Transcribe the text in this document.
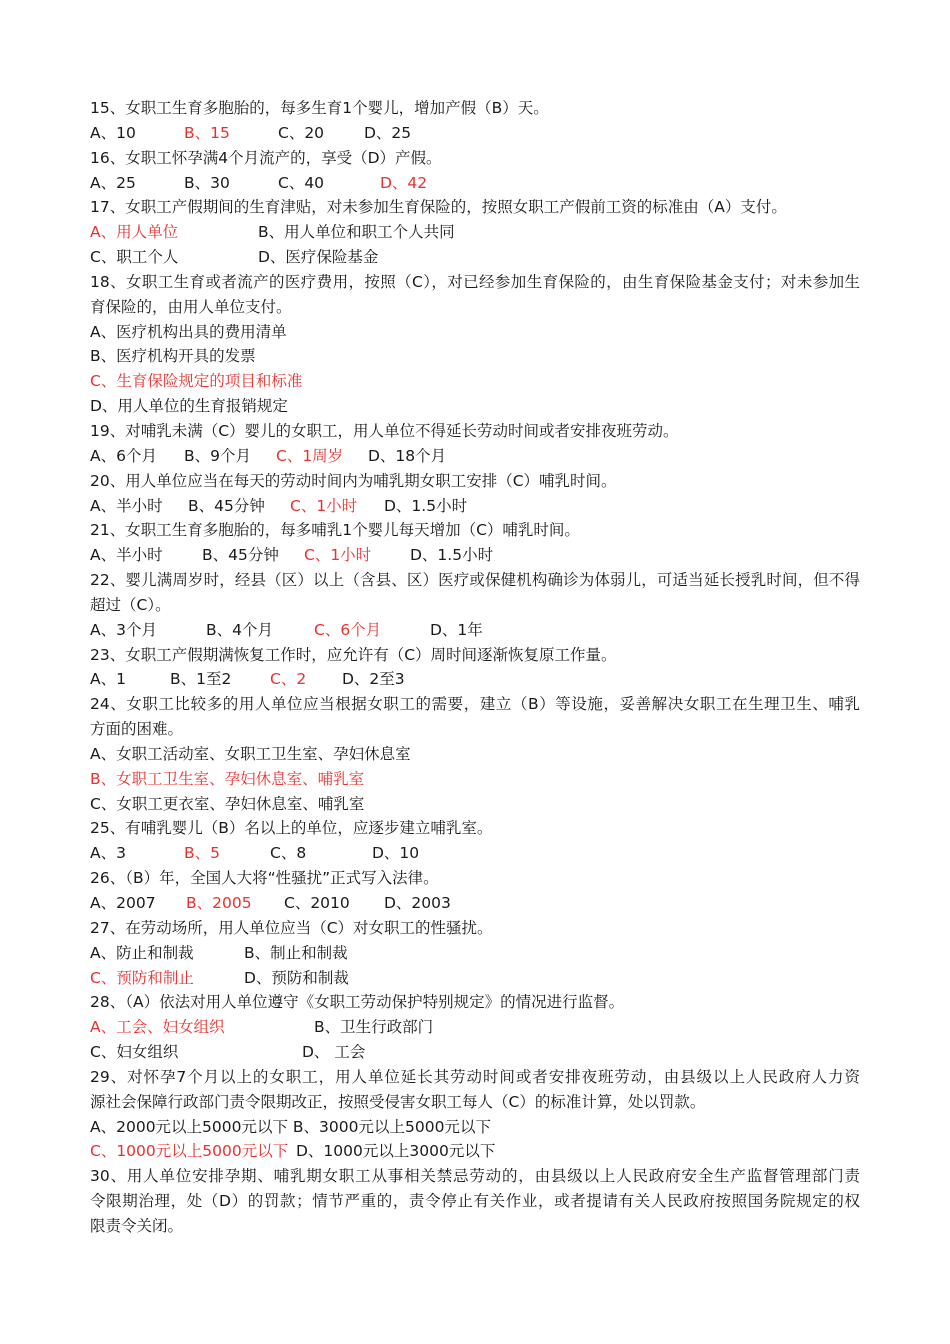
15、女职工生育多胞胎的，每多生育1个婴儿，增加产假（B）天。
A、10	B、15	C、20	D、25
16、女职工怀孕满4个月流产的，享受（D）产假。
A、25	B、30	C、40	D、42
17、女职工产假期间的生育津贴，对未参加生育保险的，按照女职工产假前工资的标准由（A）支付。
A、用人单位	B、用人单位和职工个人共同
C、职工个人	D、医疗保险基金
18、女职工生育或者流产的医疗费用，按照（C），对已经参加生育保险的，由生育保险基金支付；对未参加生
育保险的，由用人单位支付。
A、医疗机构出具的费用清单
B、医疗机构开具的发票
C、生育保险规定的项目和标准
D、用人单位的生育报销规定
19、对哺乳未满（C）婴儿的女职工，用人单位不得延长劳动时间或者安排夜班劳动。
A、6个月 B、9个月 C、1周岁 D、18个月
20、用人单位应当在每天的劳动时间内为哺乳期女职工安排（C）哺乳时间。
A、半小时 B、45分钟 C、1小时 D、1.5小时
21、女职工生育多胞胎的，每多哺乳1个婴儿每天增加（C）哺乳时间。
A、半小时	B、45分钟 C、1小时	D、1.5小时
22、婴儿满周岁时，经县（区）以上（含县、区）医疗或保健机构确诊为体弱儿，可适当延长授乳时间，但不得
超过（C）。
A、3个月	B、4个月	C、6个月	D、1年
23、女职工产假期满恢复工作时，应允许有（C）周时间逐渐恢复原工作量。
A、1	B、1至2 C、2 D、2至3
24、女职工比较多的用人单位应当根据女职工的需要，建立（B）等设施，妥善解决女职工在生理卫生、哺乳
方面的困难。
A、女职工活动室、女职工卫生室、孕妇休息室
B、女职工卫生室、孕妇休息室、哺乳室
C、女职工更衣室、孕妇休息室、哺乳室
25、有哺乳婴儿（B）名以上的单位，应逐步建立哺乳室。
A、3	B、5	C、8	D、10
26、（B）年，全国人大将“性骚扰”正式写入法律。
A、2007 B、2005 C、2010 D、2003
27、在劳动场所，用人单位应当（C）对女职工的性骚扰。
A、防止和制裁	B、制止和制裁
C、预防和制止	D、预防和制裁
28、（A）依法对用人单位遵守《女职工劳动保护特别规定》的情况进行监督。
A、工会、妇女组织	B、卫生行政部门
C、妇女组织	D、 工会
29、对怀孕7个月以上的女职工，用人单位延长其劳动时间或者安排夜班劳动，由县级以上人民政府人力资
源社会保障行政部门责令限期改正，按照受侵害女职工每人（C）的标准计算，处以罚款。
A、2000元以上5000元以下 B、3000元以上5000元以下
C、1000元以上5000元以下 D、1000元以上3000元以下
30、用人单位安排孕期、哺乳期女职工从事相关禁忌劳动的，由县级以上人民政府安全生产监督管理部门责
令限期治理，处（D）的罚款；情节严重的，责令停止有关作业，或者提请有关人民政府按照国务院规定的权
限责令关闭。
